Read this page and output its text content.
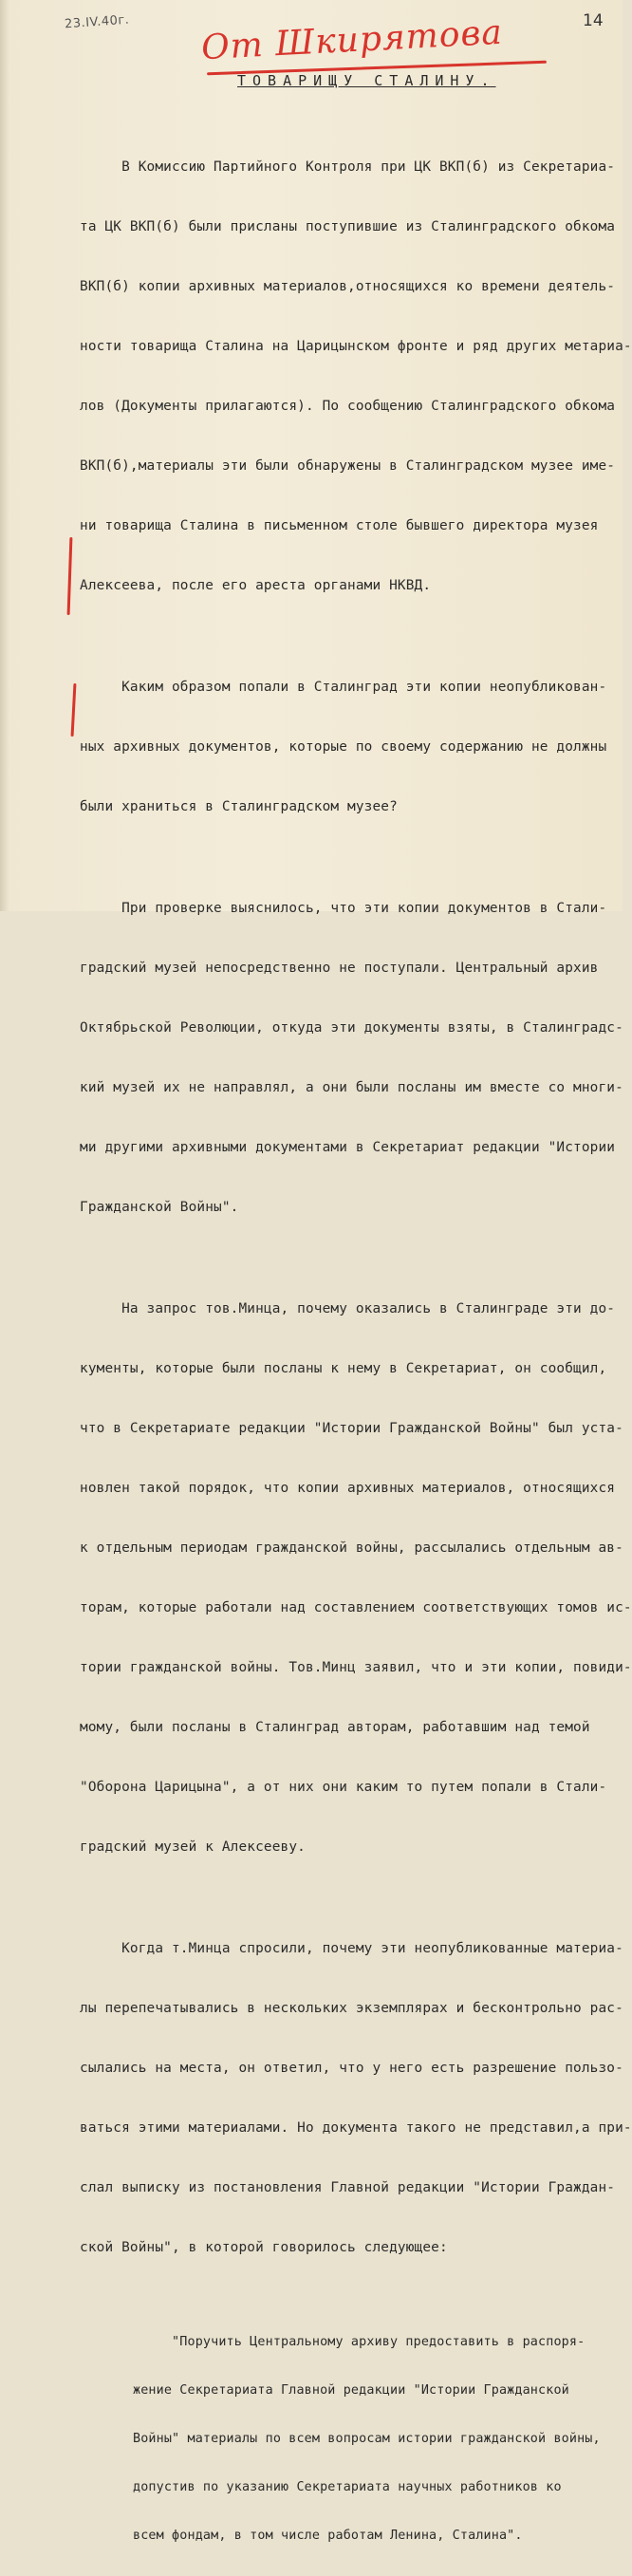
23.IV.40г.	14
От Шкирятова
ТОВАРИЩУ СТАЛИНУ.

В Комиссию Партийного Контроля при ЦК ВКП(б) из Секретариа-

та ЦК ВКП(б) были присланы поступившие из Сталинградского обкома

ВКП(б) копии архивных материалов,относящихся ко времени деятель-

ности товарища Сталина на Царицынском фронте и ряд других метариа-

лов (Документы прилагаются). По сообщению Сталинградского обкома

ВКП(б),материалы эти были обнаружены в Сталинградском музее име-

ни товарища Сталина в письменном столе бывшего директора музея

Алексеева, после его ареста органами НКВД.

Каким образом попали в Сталинград эти копии неопубликован-

ных архивных документов, которые по своему содержанию не должны

были храниться в Сталинградском музее?

При проверке выяснилось, что эти копии документов в Стали-

градский музей непосредственно не поступали. Центральный архив

Октябрьской Революции, откуда эти документы взяты, в Сталинградс-

кий музей их не направлял, а они были посланы им вместе со многи-

ми другими архивными документами в Секретариат редакции "Истории

Гражданской Войны".

На запрос тов.Минца, почему оказались в Сталинграде эти до-

кументы, которые были посланы к нему в Секретариат, он сообщил,

что в Секретариате редакции "Истории Гражданской Войны" был уста-

новлен такой порядок, что копии архивных материалов, относящихся

к отдельным периодам гражданской войны, рассылались отдельным ав-

торам, которые работали над составлением соответствующих томов ис-

тории гражданской войны. Тов.Минц заявил, что и эти копии, повиди-

мому, были посланы в Сталинград авторам, работавшим над темой

"Оборона Царицына", а от них они каким то путем попали в Стали-

градский музей к Алексееву.

Когда т.Минца спросили, почему эти неопубликованные материа-

лы перепечатывались в нескольких экземплярах и бесконтрольно рас-

сылались на места, он ответил, что у него есть разрешение пользо-

ваться этими материалами. Но документа такого не представил,а при-

слал выписку из постановления Главной редакции "Истории Граждан-

ской Войны", в которой говорилось следующее:

"Поручить Центральному архиву предоставить в распоря-

жение Секретариата Главной редакции "Истории Гражданской

Войны" материалы по всем вопросам истории гражданской войны,

допустив по указанию Секретариата научных работников ко

всем фондам, в том числе работам Ленина, Сталина".
